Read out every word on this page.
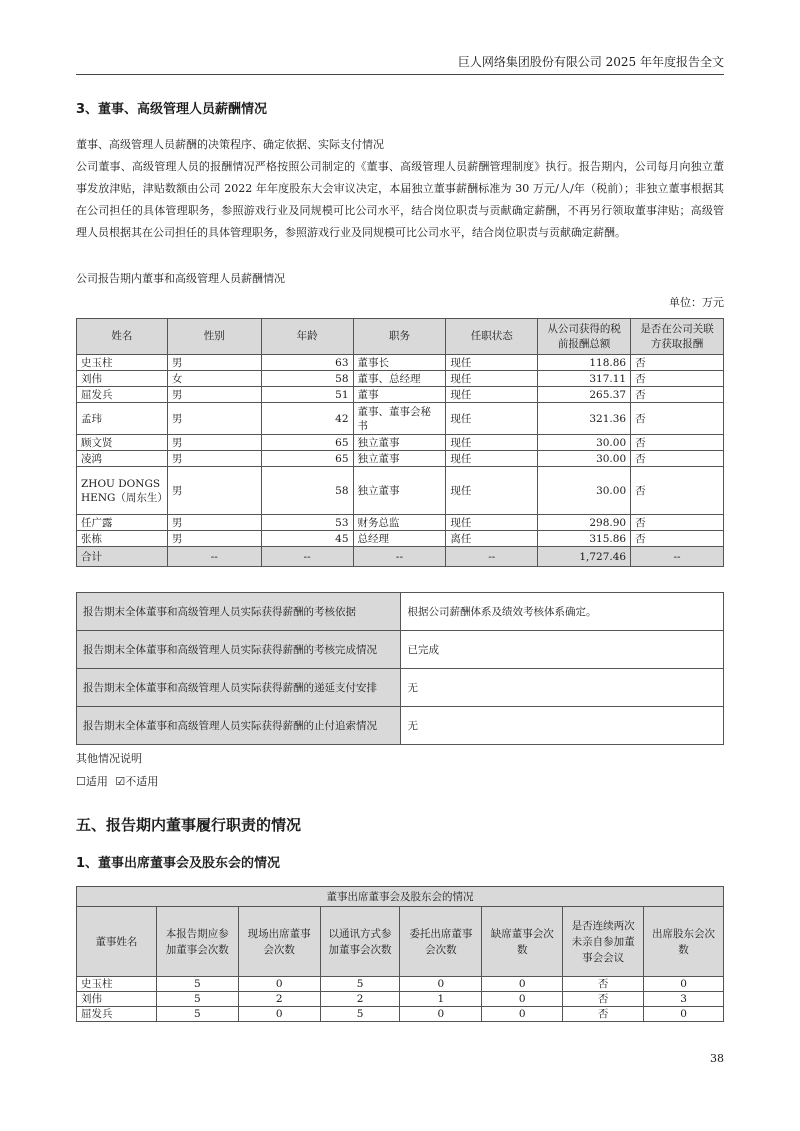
巨人网络集团股份有限公司 2025 年年度报告全文
3、董事、高级管理人员薪酬情况
董事、高级管理人员薪酬的决策程序、确定依据、实际支付情况
公司董事、高级管理人员的报酬情况严格按照公司制定的《董事、高级管理人员薪酬管理制度》执行。报告期内，公司每月向独立董事发放津贴，津贴数额由公司 2022 年年度股东大会审议决定，本届独立董事薪酬标准为 30 万元/人/年（税前）；非独立董事根据其在公司担任的具体管理职务，参照游戏行业及同规模可比公司水平，结合岗位职责与贡献确定薪酬，不再另行领取董事津贴；高级管理人员根据其在公司担任的具体管理职务，参照游戏行业及同规模可比公司水平，结合岗位职责与贡献确定薪酬。
公司报告期内董事和高级管理人员薪酬情况
单位：万元
姓名	性别	年龄	职务	任职状态	从公司获得的税前报酬总额	是否在公司关联方获取报酬
史玉柱	男	63	董事长	现任	118.86	否
刘伟	女	58	董事、总经理	现任	317.11	否
屈发兵	男	51	董事	现任	265.37	否
孟玮	男	42	董事、董事会秘书	现任	321.36	否
顾文贤	男	65	独立董事	现任	30.00	否
凌鸿	男	65	独立董事	现任	30.00	否
ZHOU DONGSHENG（周东生）	男	58	独立董事	现任	30.00	否
任广露	男	53	财务总监	现任	298.90	否
张栋	男	45	总经理	离任	315.86	否
合计	--	--	--	--	1,727.46	--
报告期末全体董事和高级管理人员实际获得薪酬的考核依据	根据公司薪酬体系及绩效考核体系确定。
报告期末全体董事和高级管理人员实际获得薪酬的考核完成情况	已完成
报告期末全体董事和高级管理人员实际获得薪酬的递延支付安排	无
报告期末全体董事和高级管理人员实际获得薪酬的止付追索情况	无
其他情况说明
☐适用 ☑不适用
五、报告期内董事履行职责的情况
1、董事出席董事会及股东会的情况
董事出席董事会及股东会的情况							
董事姓名	本报告期应参加董事会次数	现场出席董事会次数	以通讯方式参加董事会次数	委托出席董事会次数	缺席董事会次数	是否连续两次未亲自参加董事会会议	出席股东会次数
史玉柱	5	0	5	0	0	否	0
刘伟	5	2	2	1	0	否	3
屈发兵	5	0	5	0	0	否	0
38
